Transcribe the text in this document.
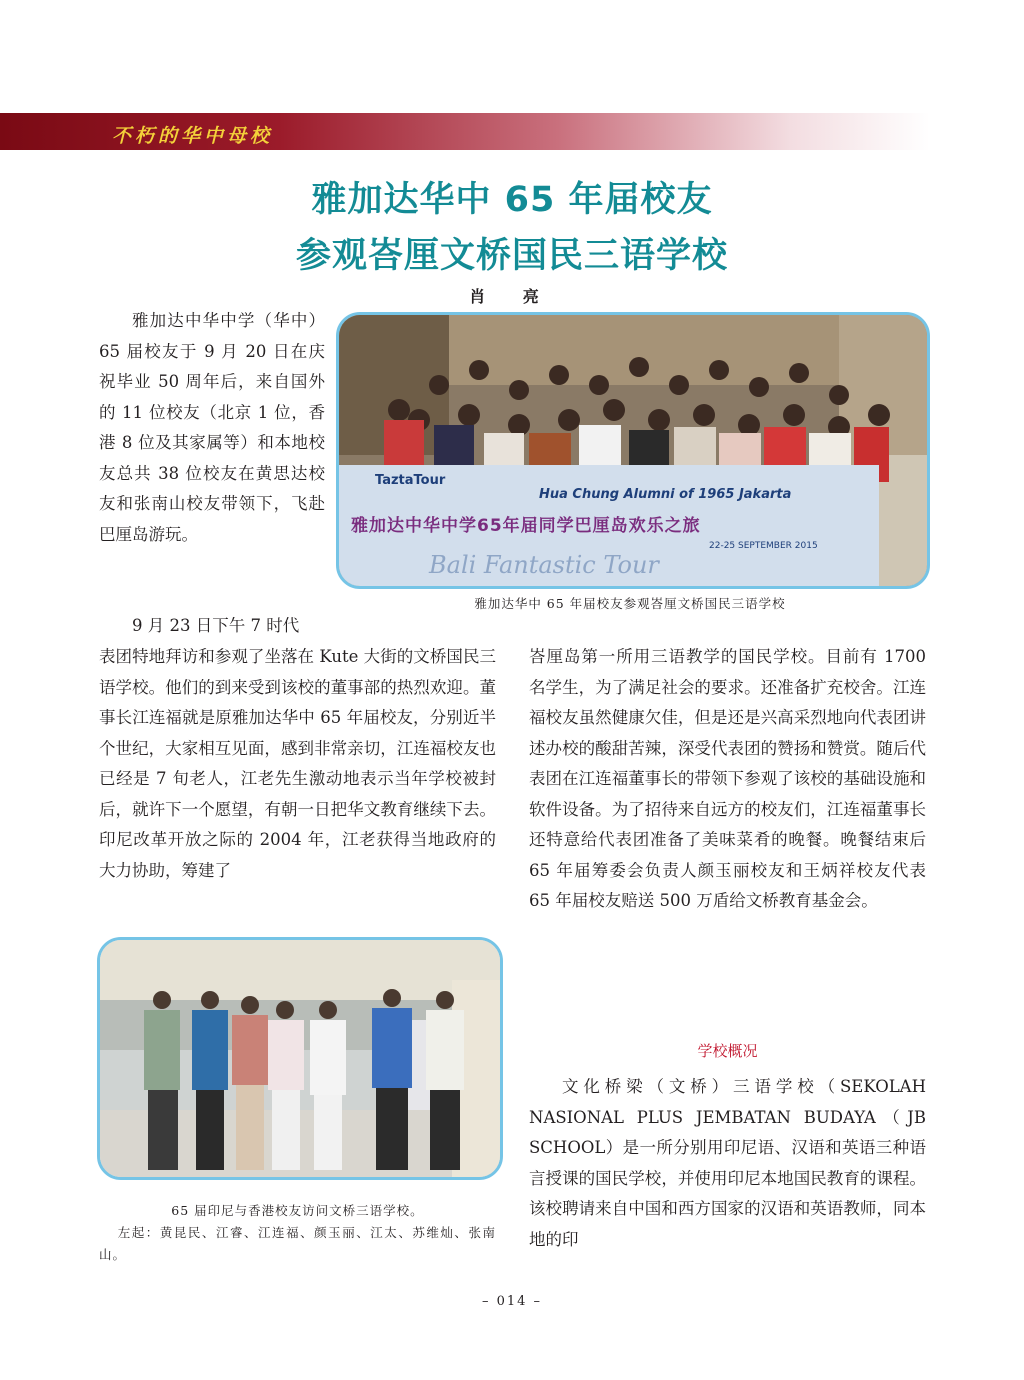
不朽的华中母校
雅加达华中 65 年届校友
参观峇厘文桥国民三语学校
肖 亮
雅加达中华中学（华中）65 届校友于 9 月 20 日在庆祝毕业 50 周年后，来自国外的 11 位校友（北京 1 位，香港 8 位及其家属等）和本地校友总共 38 位校友在黄思达校友和张南山校友带领下，飞赴巴厘岛游玩。
9 月 23 日下午 7 时代
表团特地拜访和参观了坐落在 Kute 大街的文桥国民三语学校。他们的到来受到该校的董事部的热烈欢迎。董事长江连福就是原雅加达华中 65 年届校友，分别近半个世纪，大家相互见面，感到非常亲切，江连福校友也已经是 7 旬老人，江老先生激动地表示当年学校被封后，就许下一个愿望，有朝一日把华文教育继续下去。印尼改革开放之际的 2004 年，江老获得当地政府的大力协助，筹建了
峇厘岛第一所用三语教学的国民学校。目前有 1700 名学生，为了满足社会的要求。还准备扩充校舍。江连福校友虽然健康欠佳，但是还是兴高采烈地向代表团讲述办校的酸甜苦辣，深受代表团的赞扬和赞赏。随后代表团在江连福董事长的带领下参观了该校的基础设施和软件设备。为了招待来自远方的校友们，江连福董事长还特意给代表团准备了美味菜肴的晚餐。晚餐结束后 65 年届筹委会负责人颜玉丽校友和王炳祥校友代表 65 年届校友赔送 500 万盾给文桥教育基金会。
学校概况
文化桥梁（文桥）三语学校（SEKOLAH NASIONAL PLUS JEMBATAN BUDAYA（JB SCHOOL）是一所分别用印尼语、汉语和英语三种语言授课的国民学校，并使用印尼本地国民教育的课程。该校聘请来自中国和西方国家的汉语和英语教师，同本地的印
TaztaTour
Hua Chung Alumni of 1965 Jakarta
雅加达中华中学65年届同学巴厘岛欢乐之旅
Bali Fantastic Tour
22-25 SEPTEMBER 2015
雅加达华中 65 年届校友参观峇厘文桥国民三语学校
65 届印尼与香港校友访问文桥三语学校。
左起：黄昆民、江睿、江连福、颜玉丽、江太、苏维灿、张南山。
– 014 –
